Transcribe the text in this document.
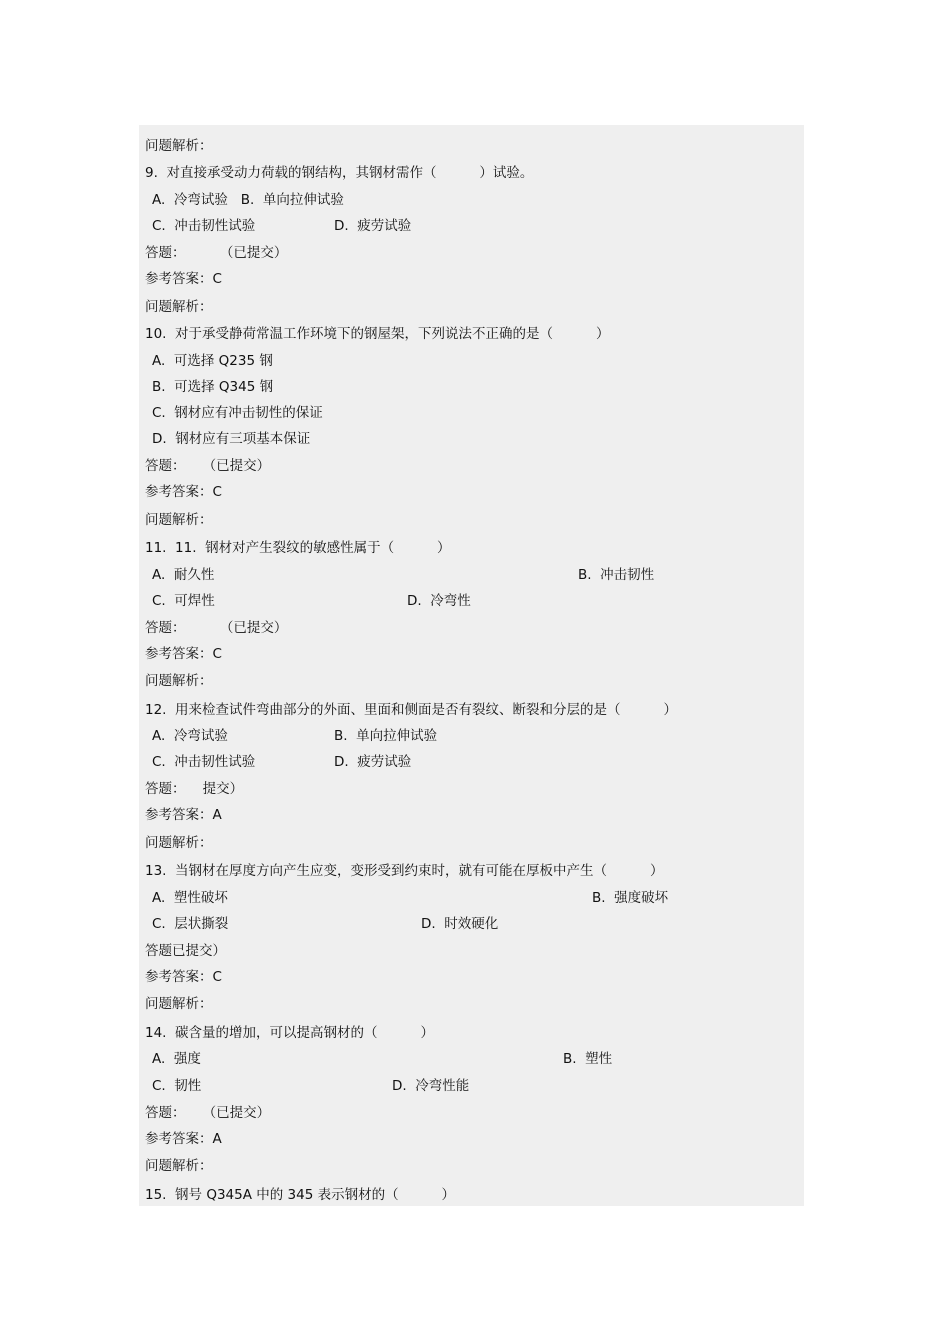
问题解析：
9.  对直接承受动力荷载的钢结构，其钢材需作（          ）试验。
A.  冷弯试验   B.  单向拉伸试验
C.  冲击韧性试验	D.  疲劳试验
答题：        （已提交）
参考答案：C
问题解析：
10.  对于承受静荷常温工作环境下的钢屋架，下列说法不正确的是（          ）
A.  可选择 Q235 钢
B.  可选择 Q345 钢
C.  钢材应有冲击韧性的保证
D.  钢材应有三项基本保证
答题：    （已提交）
参考答案：C
问题解析：
11.  11.  钢材对产生裂纹的敏感性属于（          ）
A.  耐久性	B.  冲击韧性
C.  可焊性	D.  冷弯性
答题：        （已提交）
参考答案：C
问题解析：
12.  用来检查试件弯曲部分的外面、里面和侧面是否有裂纹、断裂和分层的是（          ）
A.  冷弯试验	B.  单向拉伸试验
C.  冲击韧性试验	D.  疲劳试验
答题：    提交）
参考答案：A
问题解析：
13.  当钢材在厚度方向产生应变，变形受到约束时，就有可能在厚板中产生（          ）
A.  塑性破坏	B.  强度破坏
C.  层状撕裂	D.  时效硬化
答题已提交）
参考答案：C
问题解析：
14.  碳含量的增加，可以提高钢材的（          ）
A.  强度	B.  塑性
C.  韧性	D.  冷弯性能
答题：    （已提交）
参考答案：A
问题解析：
15.  钢号 Q345A 中的 345 表示钢材的（          ）
